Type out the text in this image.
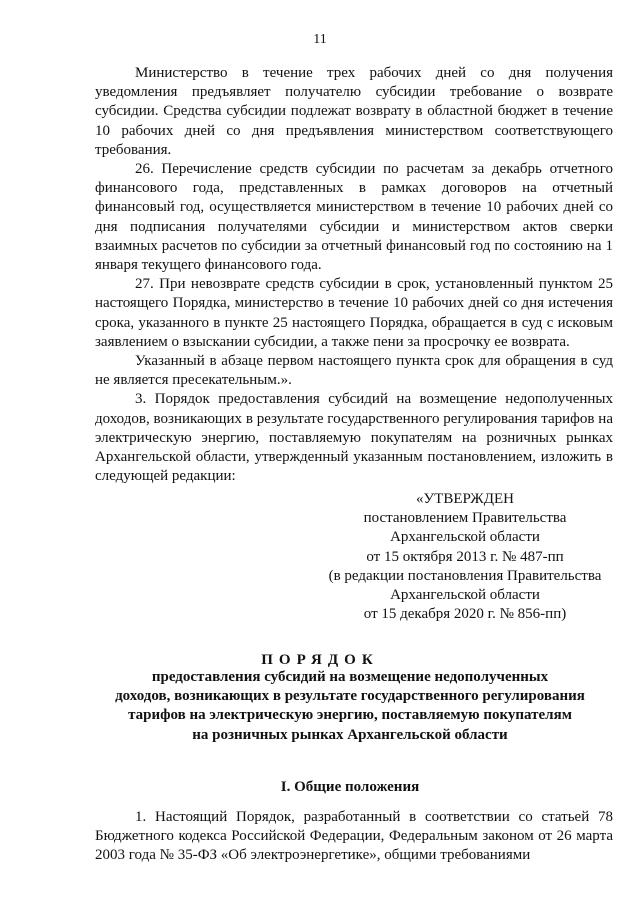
11

Министерство в течение трех рабочих дней со дня получения уведомления предъявляет получателю субсидии требование о возврате субсидии. Средства субсидии подлежат возврату в областной бюджет в течение 10 рабочих дней со дня предъявления министерством соответствующего требования.

26. Перечисление средств субсидии по расчетам за декабрь отчетного финансового года, представленных в рамках договоров на отчетный финансовый год, осуществляется министерством в течение 10 рабочих дней со дня подписания получателями субсидии и министерством актов сверки взаимных расчетов по субсидии за отчетный финансовый год по состоянию на 1 января текущего финансового года.

27. При невозврате средств субсидии в срок, установленный пунктом 25 настоящего Порядка, министерство в течение 10 рабочих дней со дня истечения срока, указанного в пункте 25 настоящего Порядка, обращается в суд с исковым заявлением о взыскании субсидии, а также пени за просрочку ее возврата.

Указанный в абзаце первом настоящего пункта срок для обращения в суд не является пресекательным.».

3. Порядок предоставления субсидий на возмещение недополученных доходов, возникающих в результате государственного регулирования тарифов на электрическую энергию, поставляемую покупателям на розничных рынках Архангельской области, утвержденный указанным постановлением, изложить в следующей редакции:

«УТВЕРЖДЕН
постановлением Правительства
Архангельской области
от 15 октября 2013 г. № 487-пп
(в редакции постановления Правительства
Архангельской области
от 15 декабря 2020 г. № 856-пп)
ПОРЯДОК
предоставления субсидий на возмещение недополученных
доходов, возникающих в результате государственного регулирования
тарифов на электрическую энергию, поставляемую покупателям
на розничных рынках Архангельской области
I. Общие положения

1. Настоящий Порядок, разработанный в соответствии со статьей 78 Бюджетного кодекса Российской Федерации, Федеральным законом от 26 марта 2003 года № 35-ФЗ «Об электроэнергетике», общими требованиями
